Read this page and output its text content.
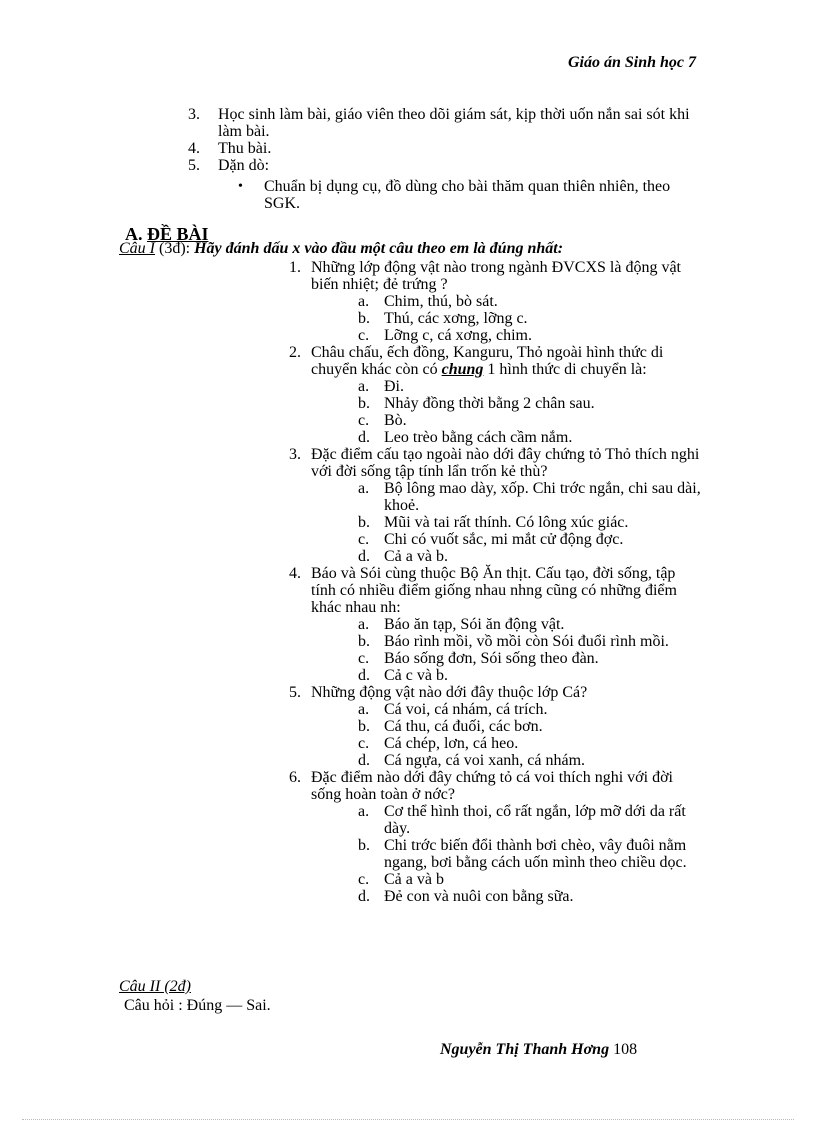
Giáo án Sinh học 7
3. Học sinh làm bài, giáo viên theo dõi giám sát, kịp thời uốn nắn sai sót khi làm bài.
4. Thu bài.
5. Dặn dò:
• Chuẩn bị dụng cụ, đồ dùng cho bài thăm quan thiên nhiên, theo SGK.
A. ĐỀ BÀI
Câu I (3đ): Hãy đánh dấu x vào đầu một câu theo em là đúng nhất:
1. Những lớp động vật nào trong ngành ĐVCXS là động vật biến nhiệt; đẻ trứng ?
a. Chim, thú, bò sát.
b. Thú, các xơng, lỡng c.
c. Lỡng c, cá xơng, chim.
2. Châu chấu, ếch đồng, Kanguru, Thỏ ngoài hình thức di chuyển khác còn có chung 1 hình thức di chuyển là:
a. Đi.
b. Nhảy đồng thời bằng 2 chân sau.
c. Bò.
d. Leo trèo bằng cách cầm nắm.
3. Đặc điểm cấu tạo ngoài nào dới đây chứng tỏ Thỏ thích nghi với đời sống tập tính lẩn trốn kẻ thù?
a. Bộ lông mao dày, xốp. Chi trớc ngắn, chi sau dài, khoẻ.
b. Mũi và tai rất thính. Có lông xúc giác.
c. Chi có vuốt sắc, mi mắt cử động đợc.
d. Cả a và b.
4. Báo và Sói cùng thuộc Bộ Ăn thịt. Cấu tạo, đời sống, tập tính có nhiều điểm giống nhau nhng cũng có những điểm khác nhau nh:
a. Báo ăn tạp, Sói ăn động vật.
b. Báo rình mồi, vồ mồi còn Sói đuổi rình mồi.
c. Báo sống đơn, Sói sống theo đàn.
d. Cả c và b.
5. Những động vật nào dới đây thuộc lớp Cá?
a. Cá voi, cá nhám, cá trích.
b. Cá thu, cá đuối, các bơn.
c. Cá chép, lơn, cá heo.
d. Cá ngựa, cá voi xanh, cá nhám.
6. Đặc điểm nào dới đây chứng tỏ cá voi thích nghi với đời sống hoàn toàn ở nớc?
a. Cơ thể hình thoi, cổ rất ngắn, lớp mỡ dới da rất dày.
b. Chi trớc biến đổi thành bơi chèo, vây đuôi nằm ngang, bơi bằng cách uốn mình theo chiều dọc.
c. Cả a và b
d. Đẻ con và nuôi con bằng sữa.
Câu II (2đ)
Câu hỏi : Đúng — Sai.
Nguyễn Thị Thanh Hơng 108
